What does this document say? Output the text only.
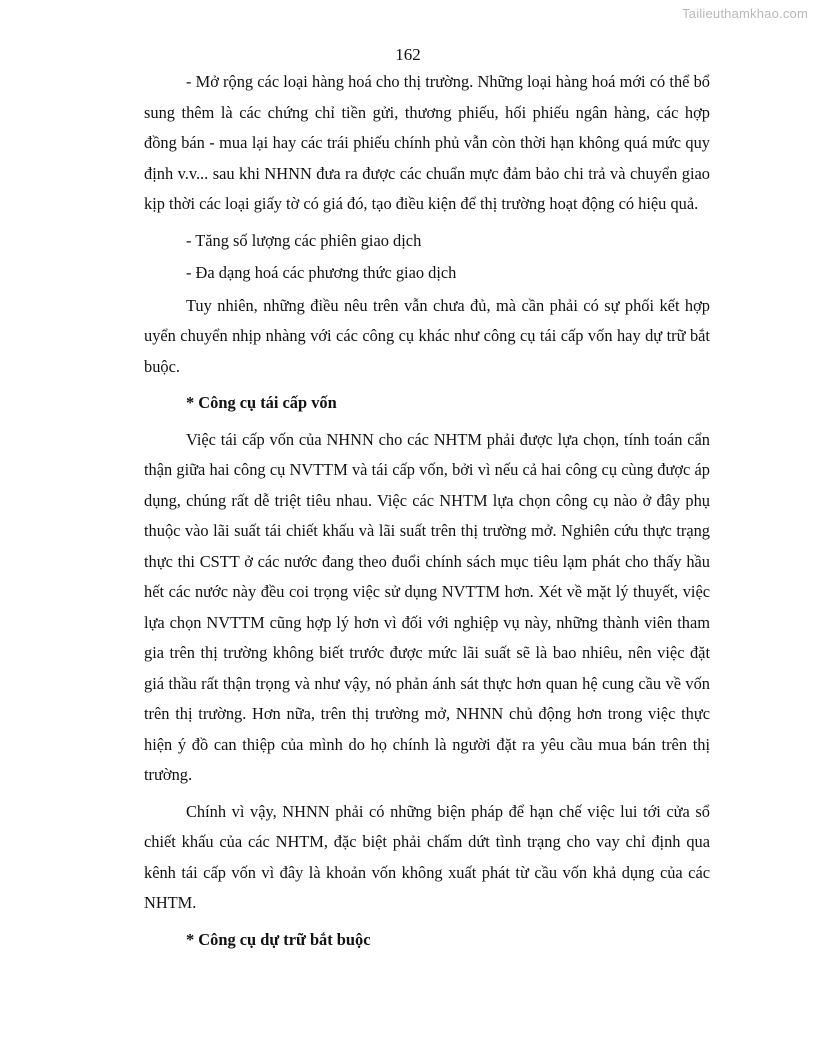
Tailieuthamkhao.com
162

- Mở rộng các loại hàng hoá cho thị trường. Những loại hàng hoá mới có thể bổ sung thêm là các chứng chỉ tiền gửi, thương phiếu, hối phiếu ngân hàng, các hợp đồng bán - mua lại hay các trái phiếu chính phủ vẫn còn thời hạn không quá mức quy định v.v... sau khi NHNN đưa ra được các chuẩn mực đảm bảo chi trả và chuyển giao kịp thời các loại giấy tờ có giá đó, tạo điều kiện để thị trường hoạt động có hiệu quả.

- Tăng số lượng các phiên giao dịch

- Đa dạng hoá các phương thức giao dịch

Tuy nhiên, những điều nêu trên vẫn chưa đủ, mà cần phải có sự phối kết hợp uyển chuyển nhịp nhàng với các công cụ khác như công cụ tái cấp vốn hay dự trữ bắt buộc.

* Công cụ tái cấp vốn

Việc tái cấp vốn của NHNN cho các NHTM phải được lựa chọn, tính toán cẩn thận giữa hai công cụ NVTTM và tái cấp vốn, bởi vì nếu cả hai công cụ cùng được áp dụng, chúng rất dễ triệt tiêu nhau. Việc các NHTM lựa chọn công cụ nào ở đây phụ thuộc vào lãi suất tái chiết khấu và lãi suất trên thị trường mở. Nghiên cứu thực trạng thực thi CSTT ở các nước đang theo đuổi chính sách mục tiêu lạm phát cho thấy hầu hết các nước này đều coi trọng việc sử dụng NVTTM hơn. Xét về mặt lý thuyết, việc lựa chọn NVTTM cũng hợp lý hơn vì đối với nghiệp vụ này, những thành viên tham gia trên thị trường không biết trước được mức lãi suất sẽ là bao nhiêu, nên việc đặt giá thầu rất thận trọng và như vậy, nó phản ánh sát thực hơn quan hệ cung cầu về vốn trên thị trường. Hơn nữa, trên thị trường mở, NHNN chủ động hơn trong việc thực hiện ý đồ can thiệp của mình do họ chính là người đặt ra yêu cầu mua bán trên thị trường.

Chính vì vậy, NHNN phải có những biện pháp để hạn chế việc lui tới cửa sổ chiết khấu của các NHTM, đặc biệt phải chấm dứt tình trạng cho vay chỉ định qua kênh tái cấp vốn vì đây là khoản vốn không xuất phát từ cầu vốn khả dụng của các NHTM.

* Công cụ dự trữ bắt buộc
